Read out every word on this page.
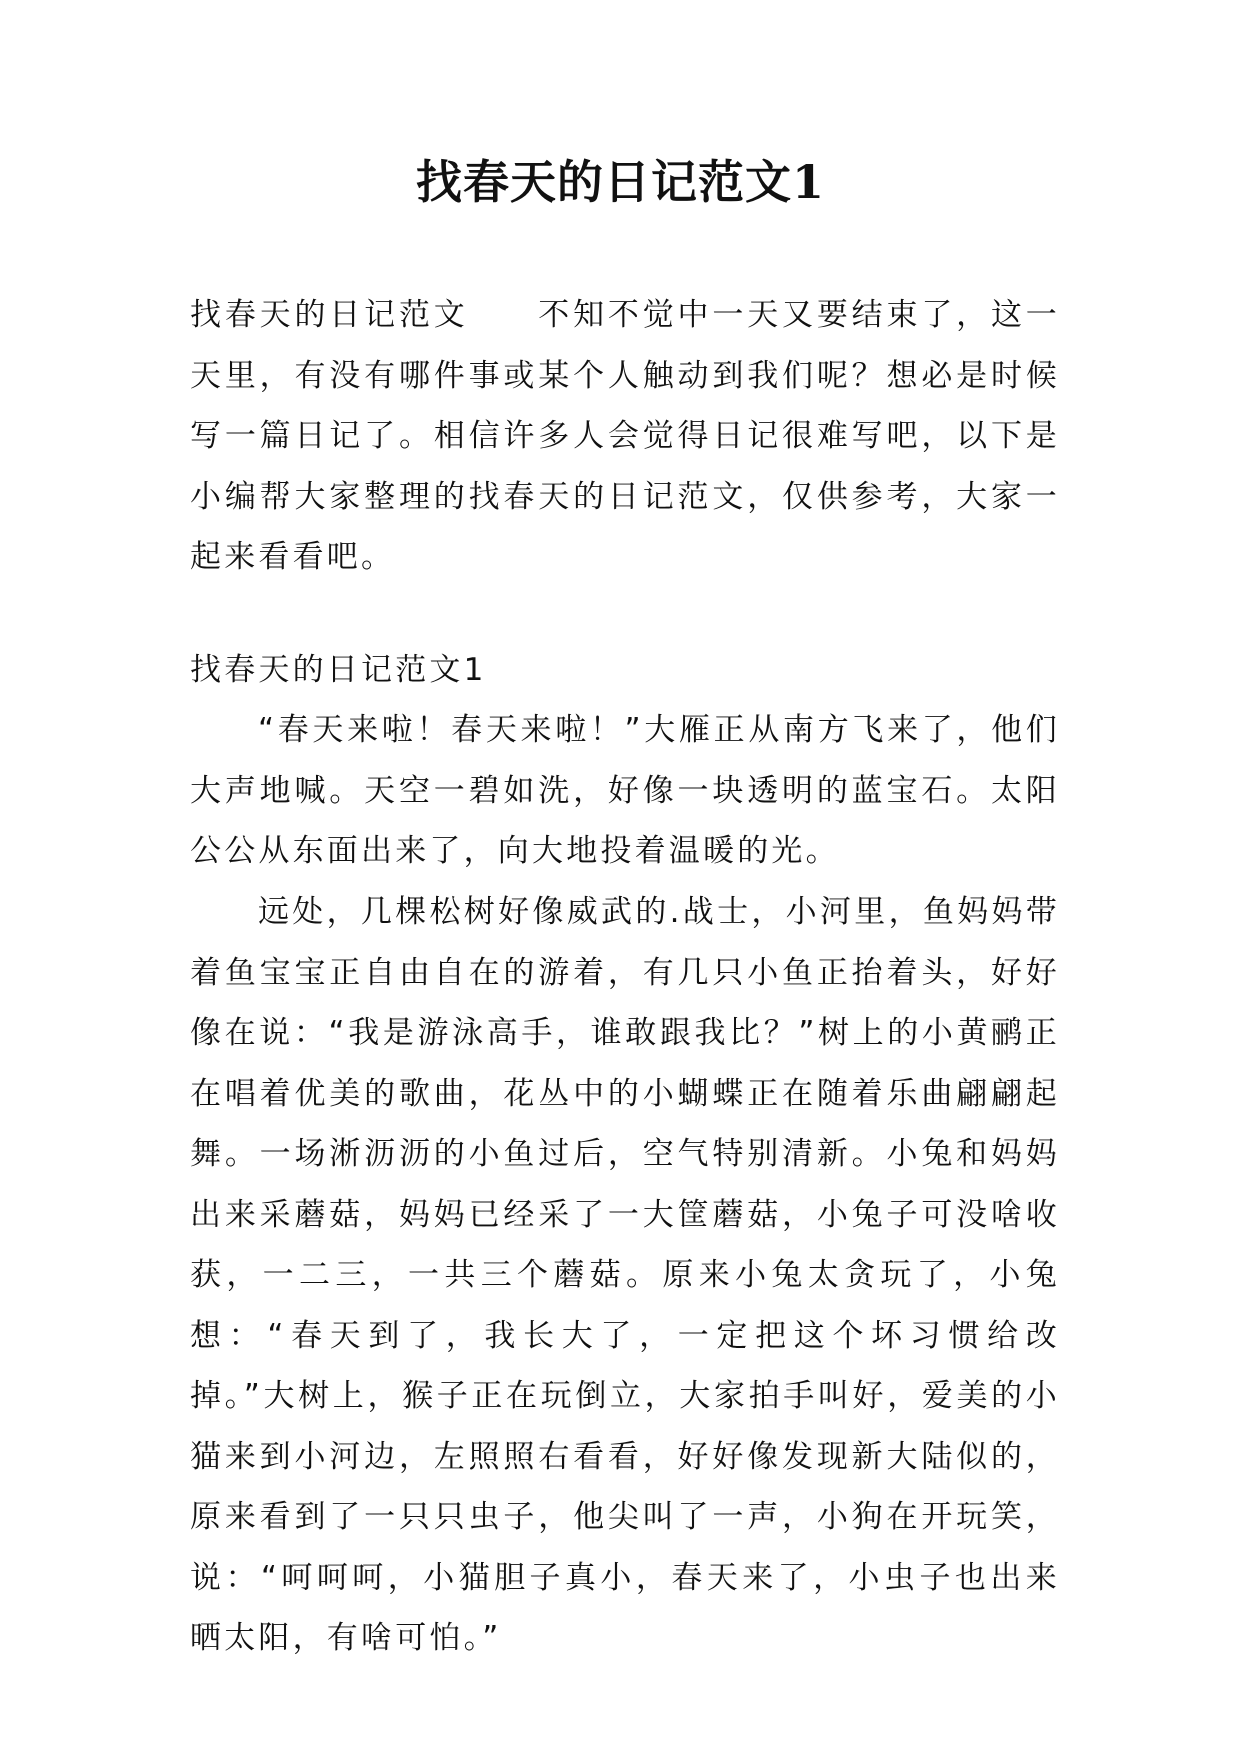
找春天的日记范文1

找春天的日记范文　　不知不觉中一天又要结束了，这一天里，有没有哪件事或某个人触动到我们呢？想必是时候写一篇日记了。相信许多人会觉得日记很难写吧，以下是小编帮大家整理的找春天的日记范文，仅供参考，大家一起来看看吧。

找春天的日记范文1

“春天来啦！春天来啦！”大雁正从南方飞来了，他们大声地喊。天空一碧如洗，好像一块透明的蓝宝石。太阳公公从东面出来了，向大地投着温暖的光。

远处，几棵松树好像威武的.战士，小河里，鱼妈妈带着鱼宝宝正自由自在的游着，有几只小鱼正抬着头，好好像在说：“我是游泳高手，谁敢跟我比？”树上的小黄鹂正在唱着优美的歌曲，花丛中的小蝴蝶正在随着乐曲翩翩起舞。一场淅沥沥的小鱼过后，空气特别清新。小兔和妈妈出来采蘑菇，妈妈已经采了一大筐蘑菇，小兔子可没啥收获，一二三，一共三个蘑菇。原来小兔太贪玩了，小兔想：“春天到了，我长大了，一定把这个坏习惯给改掉。”大树上，猴子正在玩倒立，大家拍手叫好，爱美的小猫来到小河边，左照照右看看，好好像发现新大陆似的，原来看到了一只只虫子，他尖叫了一声，小狗在开玩笑，说：“呵呵呵，小猫胆子真小，春天来了，小虫子也出来晒太阳，有啥可怕。”
